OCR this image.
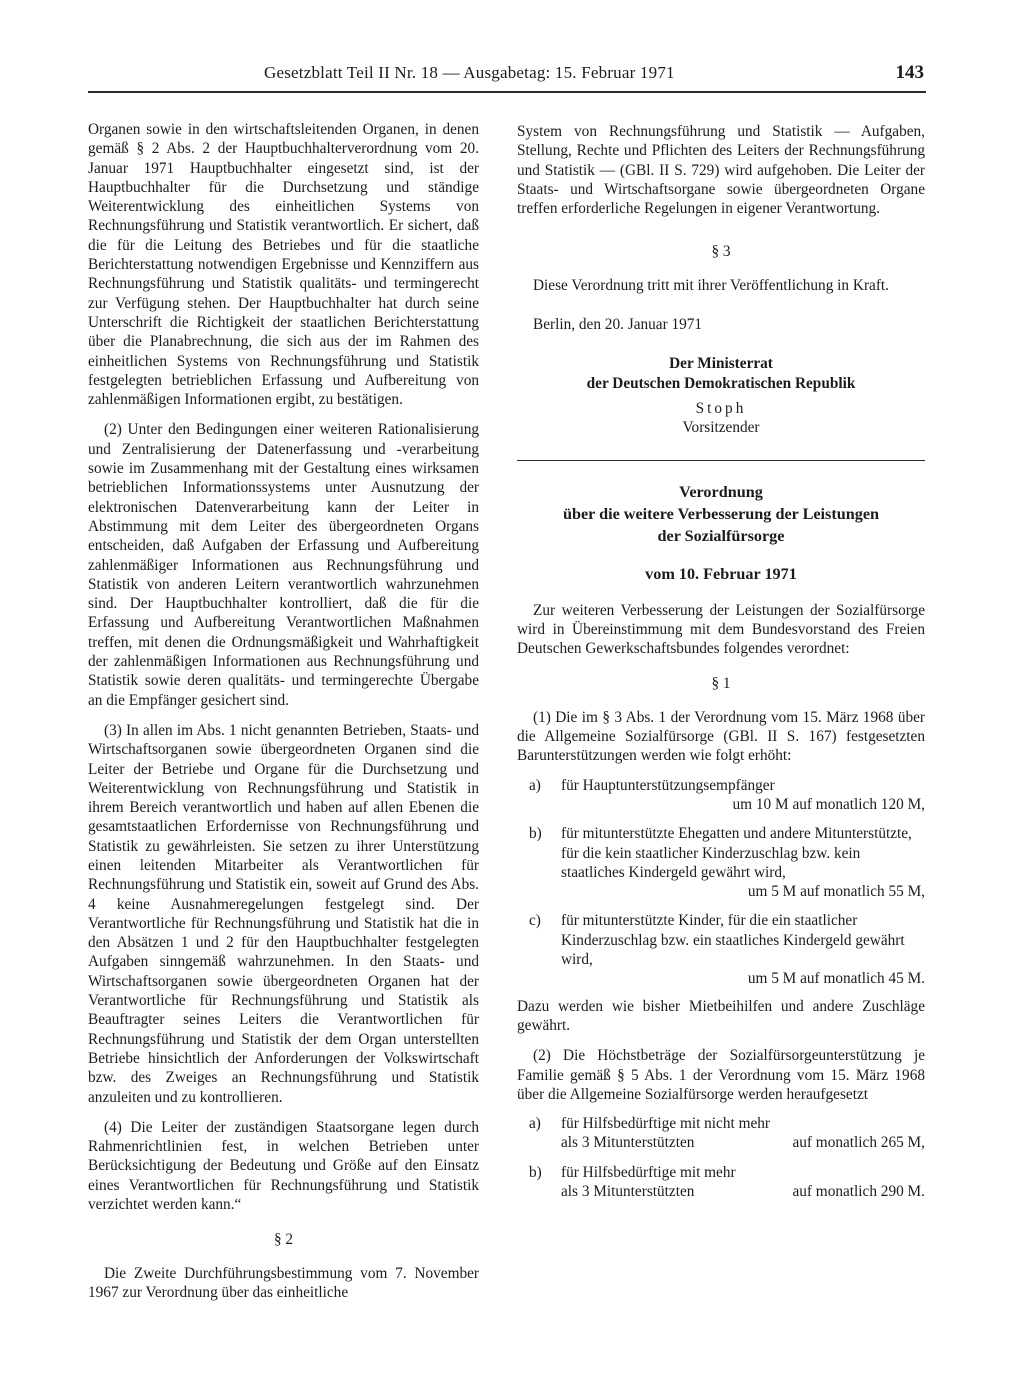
Gesetzblatt Teil II Nr. 18 — Ausgabetag: 15. Februar 1971	143

Organen sowie in den wirtschaftsleitenden Organen, in denen gemäß § 2 Abs. 2 der Hauptbuchhalterverordnung vom 20. Januar 1971 Hauptbuchhalter eingesetzt sind, ist der Hauptbuchhalter für die Durchsetzung und ständige Weiterentwicklung des einheitlichen Systems von Rechnungsführung und Statistik verantwortlich. Er sichert, daß die für die Leitung des Betriebes und für die staatliche Berichterstattung notwendigen Ergebnisse und Kennziffern aus Rechnungsführung und Statistik qualitäts- und termingerecht zur Verfügung stehen. Der Hauptbuchhalter hat durch seine Unterschrift die Richtigkeit der staatlichen Berichterstattung über die Planabrechnung, die sich aus der im Rahmen des einheitlichen Systems von Rechnungsführung und Statistik festgelegten betrieblichen Erfassung und Aufbereitung von zahlenmäßigen Informationen ergibt, zu bestätigen.

(2) Unter den Bedingungen einer weiteren Rationalisierung und Zentralisierung der Datenerfassung und -verarbeitung sowie im Zusammenhang mit der Gestaltung eines wirksamen betrieblichen Informationssystems unter Ausnutzung der elektronischen Datenverarbeitung kann der Leiter in Abstimmung mit dem Leiter des übergeordneten Organs entscheiden, daß Aufgaben der Erfassung und Aufbereitung zahlenmäßiger Informationen aus Rechnungsführung und Statistik von anderen Leitern verantwortlich wahrzunehmen sind. Der Hauptbuchhalter kontrolliert, daß die für die Erfassung und Aufbereitung Verantwortlichen Maßnahmen treffen, mit denen die Ordnungsmäßigkeit und Wahrhaftigkeit der zahlenmäßigen Informationen aus Rechnungsführung und Statistik sowie deren qualitäts- und termingerechte Übergabe an die Empfänger gesichert sind.

(3) In allen im Abs. 1 nicht genannten Betrieben, Staats- und Wirtschaftsorganen sowie übergeordneten Organen sind die Leiter der Betriebe und Organe für die Durchsetzung und Weiterentwicklung von Rechnungsführung und Statistik in ihrem Bereich verantwortlich und haben auf allen Ebenen die gesamtstaatlichen Erfordernisse von Rechnungsführung und Statistik zu gewährleisten. Sie setzen zu ihrer Unterstützung einen leitenden Mitarbeiter als Verantwortlichen für Rechnungsführung und Statistik ein, soweit auf Grund des Abs. 4 keine Ausnahmeregelungen festgelegt sind. Der Verantwortliche für Rechnungsführung und Statistik hat die in den Absätzen 1 und 2 für den Hauptbuchhalter festgelegten Aufgaben sinngemäß wahrzunehmen. In den Staats- und Wirtschaftsorganen sowie übergeordneten Organen hat der Verantwortliche für Rechnungsführung und Statistik als Beauftragter seines Leiters die Verantwortlichen für Rechnungsführung und Statistik der dem Organ unterstellten Betriebe hinsichtlich der Anforderungen der Volkswirtschaft bzw. des Zweiges an Rechnungsführung und Statistik anzuleiten und zu kontrollieren.

(4) Die Leiter der zuständigen Staatsorgane legen durch Rahmenrichtlinien fest, in welchen Betrieben unter Berücksichtigung der Bedeutung und Größe auf den Einsatz eines Verantwortlichen für Rechnungsführung und Statistik verzichtet werden kann.“

§ 2

Die Zweite Durchführungsbestimmung vom 7. November 1967 zur Verordnung über das einheitliche

System von Rechnungsführung und Statistik — Aufgaben, Stellung, Rechte und Pflichten des Leiters der Rechnungsführung und Statistik — (GBl. II S. 729) wird aufgehoben. Die Leiter der Staats- und Wirtschaftsorgane sowie übergeordneten Organe treffen erforderliche Regelungen in eigener Verantwortung.

§ 3

Diese Verordnung tritt mit ihrer Veröffentlichung in Kraft.

Berlin, den 20. Januar 1971

Der Ministerrat

der Deutschen Demokratischen Republik

Stoph

Vorsitzender

Verordnung

über die weitere Verbesserung der Leistungen

der Sozialfürsorge

vom 10. Februar 1971

Zur weiteren Verbesserung der Leistungen der Sozialfürsorge wird in Übereinstimmung mit dem Bundesvorstand des Freien Deutschen Gewerkschaftsbundes folgendes verordnet:

§ 1

(1) Die im § 3 Abs. 1 der Verordnung vom 15. März 1968 über die Allgemeine Sozialfürsorge (GBl. II S. 167) festgesetzten Barunterstützungen werden wie folgt erhöht:

a)	für Hauptunterstützungsempfänger
um 10 M auf monatlich 120 M,
b)	für mitunterstützte Ehegatten und andere Mitunterstützte, für die kein staatlicher Kinderzuschlag bzw. kein staatliches Kindergeld gewährt wird,
um 5 M auf monatlich 55 M,
c)	für mitunterstützte Kinder, für die ein staatlicher Kinderzuschlag bzw. ein staatliches Kindergeld gewährt wird,
um 5 M auf monatlich 45 M.

Dazu werden wie bisher Mietbeihilfen und andere Zuschläge gewährt.

(2) Die Höchstbeträge der Sozialfürsorgeunterstützung je Familie gemäß § 5 Abs. 1 der Verordnung vom 15. März 1968 über die Allgemeine Sozialfürsorge werden heraufgesetzt

a)	für Hilfsbedürftige mit nicht mehr
als 3 Mitunterstützten	auf monatlich 265 M,
b)	für Hilfsbedürftige mit mehr
als 3 Mitunterstützten	auf monatlich 290 M.
